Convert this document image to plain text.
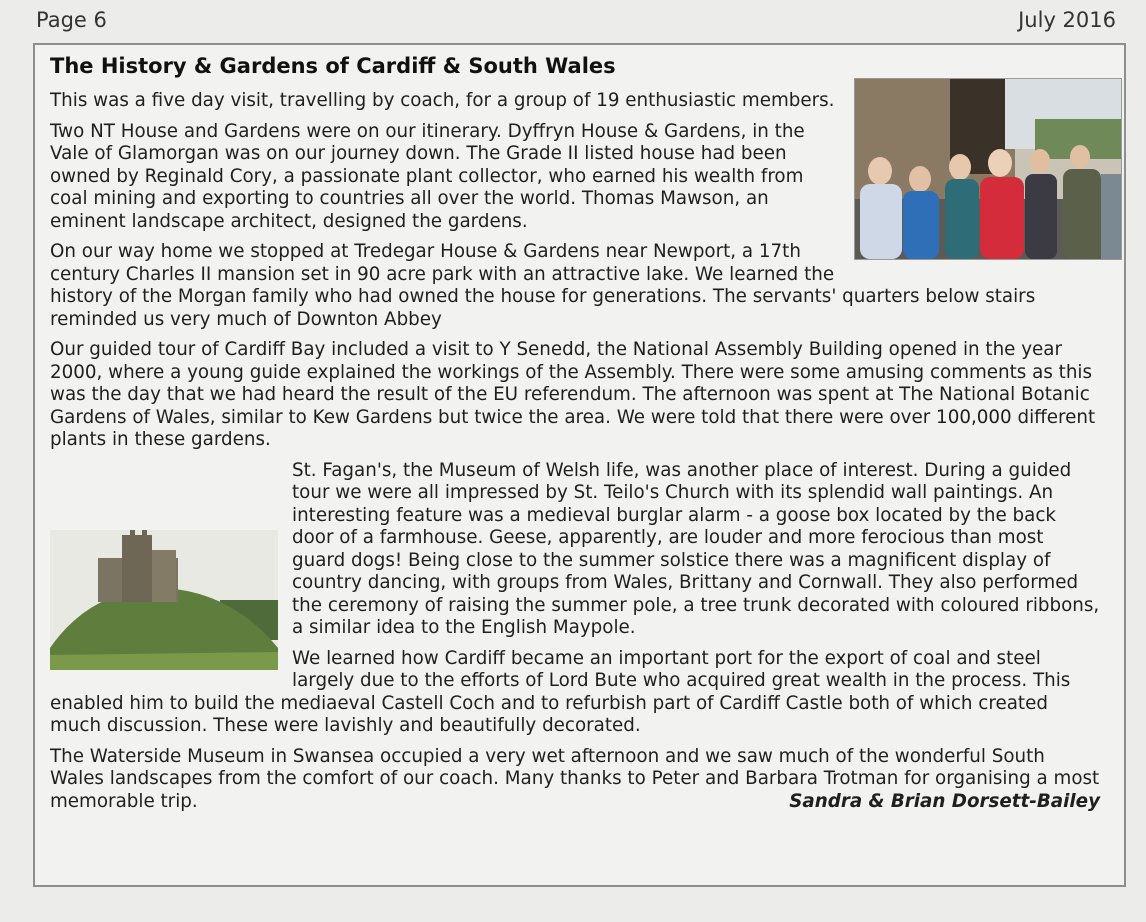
Page 6	July 2016
The History & Gardens of Cardiff & South Wales

This was a five day visit, travelling by coach, for a group of 19 enthusiastic members.

Two NT House and Gardens were on our itinerary. Dyffryn House & Gardens, in the Vale of Glamorgan was on our journey down. The Grade II listed house had been owned by Reginald Cory, a passionate plant collector, who earned his wealth from coal mining and exporting to countries all over the world. Thomas Mawson, an eminent landscape architect, designed the gardens.

On our way home we stopped at Tredegar House & Gardens near Newport, a 17th century Charles II mansion set in 90 acre park with an attractive lake. We learned the history of the Morgan family who had owned the house for generations. The servants' quarters below stairs reminded us very much of Downton Abbey

Our guided tour of Cardiff Bay included a visit to Y Senedd, the National Assembly Building opened in the year 2000, where a young guide explained the workings of the Assembly. There were some amusing comments as this was the day that we had heard the result of the EU referendum. The afternoon was spent at The National Botanic Gardens of Wales, similar to Kew Gardens but twice the area. We were told that there were over 100,000 different plants in these gardens.

St. Fagan's, the Museum of Welsh life, was another place of interest. During a guided tour we were all impressed by St. Teilo's Church with its splendid wall paintings. An interesting feature was a medieval burglar alarm - a goose box located by the back door of a farmhouse. Geese, apparently, are louder and more ferocious than most guard dogs! Being close to the summer solstice there was a magnificent display of country dancing, with groups from Wales, Brittany and Cornwall. They also performed the ceremony of raising the summer pole, a tree trunk decorated with coloured ribbons, a similar idea to the English Maypole.

We learned how Cardiff became an important port for the export of coal and steel largely due to the efforts of Lord Bute who acquired great wealth in the process. This enabled him to build the mediaeval Castell Coch and to refurbish part of Cardiff Castle both of which created much discussion. These were lavishly and beautifully decorated.

The Waterside Museum in Swansea occupied a very wet afternoon and we saw much of the wonderful South Wales landscapes from the comfort of our coach. Many thanks to Peter and Barbara Trotman for organising a most memorable trip.	Sandra & Brian Dorsett-Bailey
